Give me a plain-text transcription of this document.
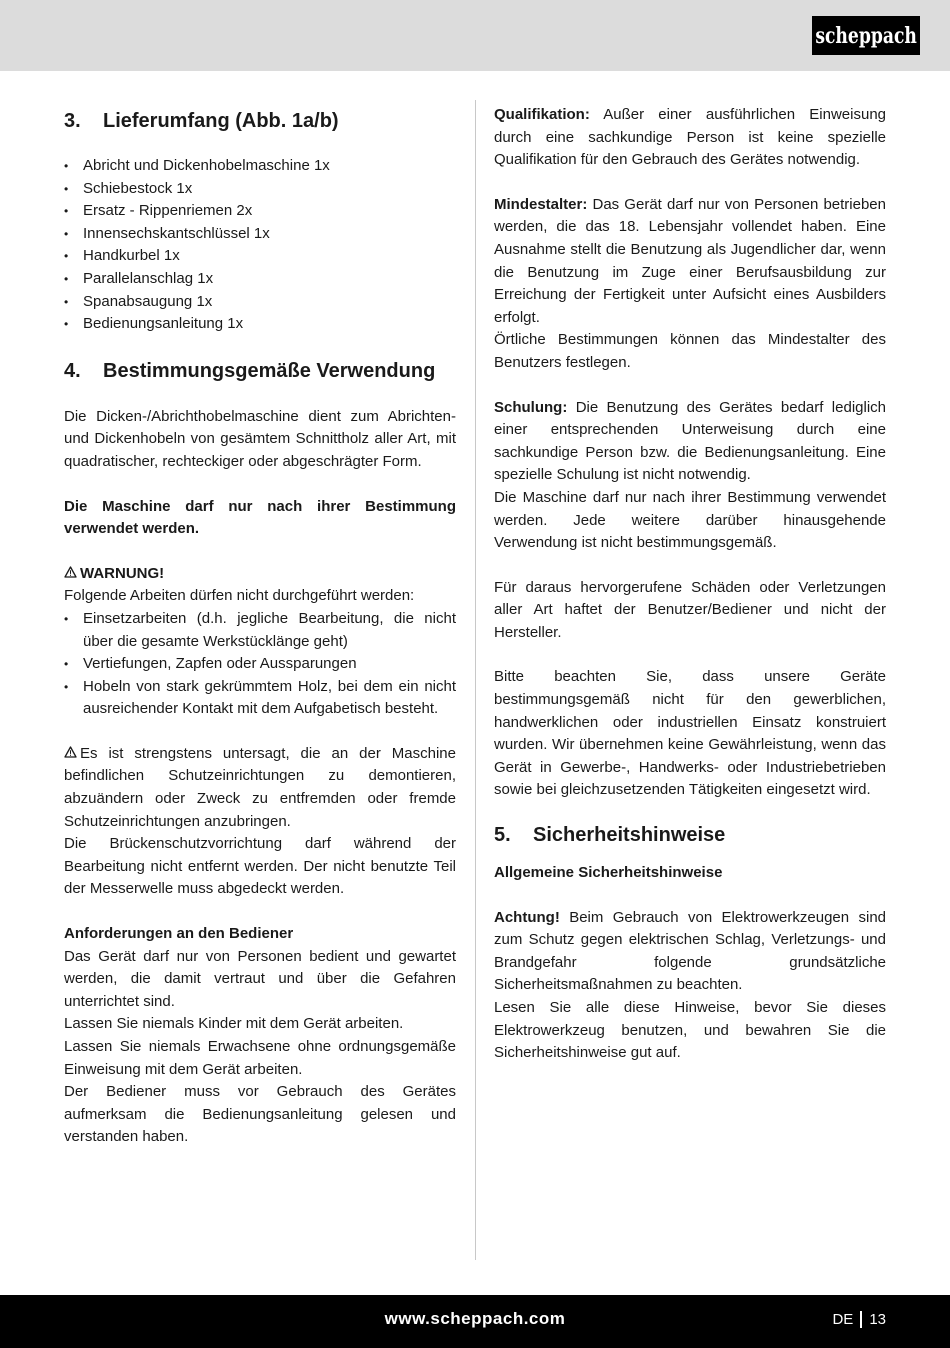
scheppach
3.	Lieferumfang (Abb. 1a/b)
• Abricht und Dickenhobelmaschine 1x
• Schiebestock 1x
• Ersatz - Rippenriemen 2x
• Innensechskantschlüssel 1x
• Handkurbel 1x
• Parallelanschlag 1x
• Spanabsaugung 1x
• Bedienungsanleitung 1x
4.	Bestimmungsgemäße Verwendung

Die Dicken-/Abrichthobelmaschine dient zum Abrichten- und Dickenhobeln von gesämtem Schnittholz aller Art, mit quadratischer, rechteckiger oder abgeschrägter Form.

Die Maschine darf nur nach ihrer Bestimmung verwendet werden.

WARNUNG!

Folgende Arbeiten dürfen nicht durchgeführt werden:

• Einsetzarbeiten (d.h. jegliche Bearbeitung, die nicht über die gesamte Werkstücklänge geht)
• Vertiefungen, Zapfen oder Aussparungen
• Hobeln von stark gekrümmtem Holz, bei dem ein nicht ausreichender Kontakt mit dem Aufgabetisch besteht.

Es ist strengstens untersagt, die an der Maschine befindlichen Schutzeinrichtungen zu demontieren, abzuändern oder Zweck zu entfremden oder fremde Schutzeinrichtungen anzubringen.

Die Brückenschutzvorrichtung darf während der Bearbeitung nicht entfernt werden. Der nicht benutzte Teil der Messerwelle muss abgedeckt werden.

Anforderungen an den Bediener

Das Gerät darf nur von Personen bedient und gewartet werden, die damit vertraut und über die Gefahren unterrichtet sind.

Lassen Sie niemals Kinder mit dem Gerät arbeiten.

Lassen Sie niemals Erwachsene ohne ordnungsgemäße Einweisung mit dem Gerät arbeiten.

Der Bediener muss vor Gebrauch des Gerätes aufmerksam die Bedienungsanleitung gelesen und verstanden haben.

Qualifikation: Außer einer ausführlichen Einweisung durch eine sachkundige Person ist keine spezielle Qualifikation für den Gebrauch des Gerätes notwendig.

Mindestalter: Das Gerät darf nur von Personen betrieben werden, die das 18. Lebensjahr vollendet haben. Eine Ausnahme stellt die Benutzung als Jugendlicher dar, wenn die Benutzung im Zuge einer Berufsausbildung zur Erreichung der Fertigkeit unter Aufsicht eines Ausbilders erfolgt.

Örtliche Bestimmungen können das Mindestalter des Benutzers festlegen.

Schulung: Die Benutzung des Gerätes bedarf lediglich einer entsprechenden Unterweisung durch eine sachkundige Person bzw. die Bedienungsanleitung. Eine spezielle Schulung ist nicht notwendig.

Die Maschine darf nur nach ihrer Bestimmung verwendet werden. Jede weitere darüber hinausgehende Verwendung ist nicht bestimmungsgemäß.

Für daraus hervorgerufene Schäden oder Verletzungen aller Art haftet der Benutzer/Bediener und nicht der Hersteller.

Bitte beachten Sie, dass unsere Geräte bestimmungsgemäß nicht für den gewerblichen, handwerklichen oder industriellen Einsatz konstruiert wurden. Wir übernehmen keine Gewährleistung, wenn das Gerät in Gewerbe-, Handwerks- oder Industriebetrieben sowie bei gleichzusetzenden Tätigkeiten eingesetzt wird.

5.	Sicherheitshinweise

Allgemeine Sicherheitshinweise

Achtung! Beim Gebrauch von Elektrowerkzeugen sind zum Schutz gegen elektrischen Schlag, Verletzungs- und Brandgefahr folgende grundsätzliche Sicherheitsmaßnahmen zu beachten.

Lesen Sie alle diese Hinweise, bevor Sie dieses Elektrowerkzeug benutzen, und bewahren Sie die Sicherheitshinweise gut auf.

www.scheppach.com	DE 13
